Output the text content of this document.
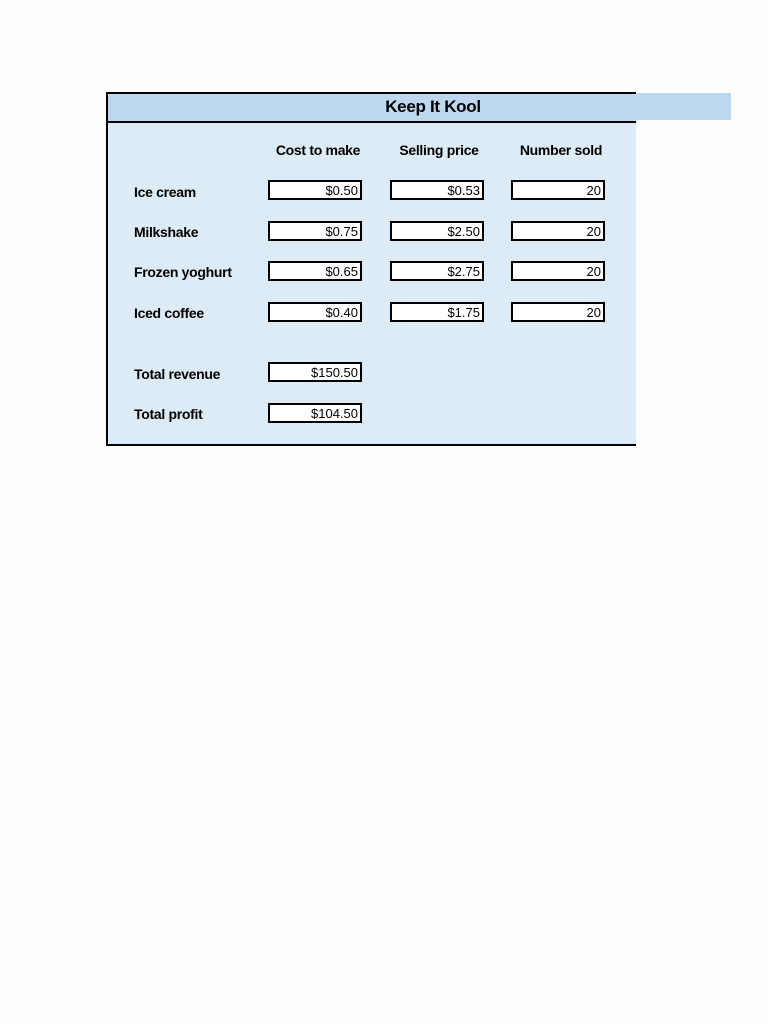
Keep It Kool
Cost to make	Selling price	Number sold
Ice cream	$0.50	$0.53	20
Milkshake	$0.75	$2.50	20
Frozen yoghurt	$0.65	$2.75	20
Iced coffee	$0.40	$1.75	20
Total revenue	$150.50
Total profit	$104.50
